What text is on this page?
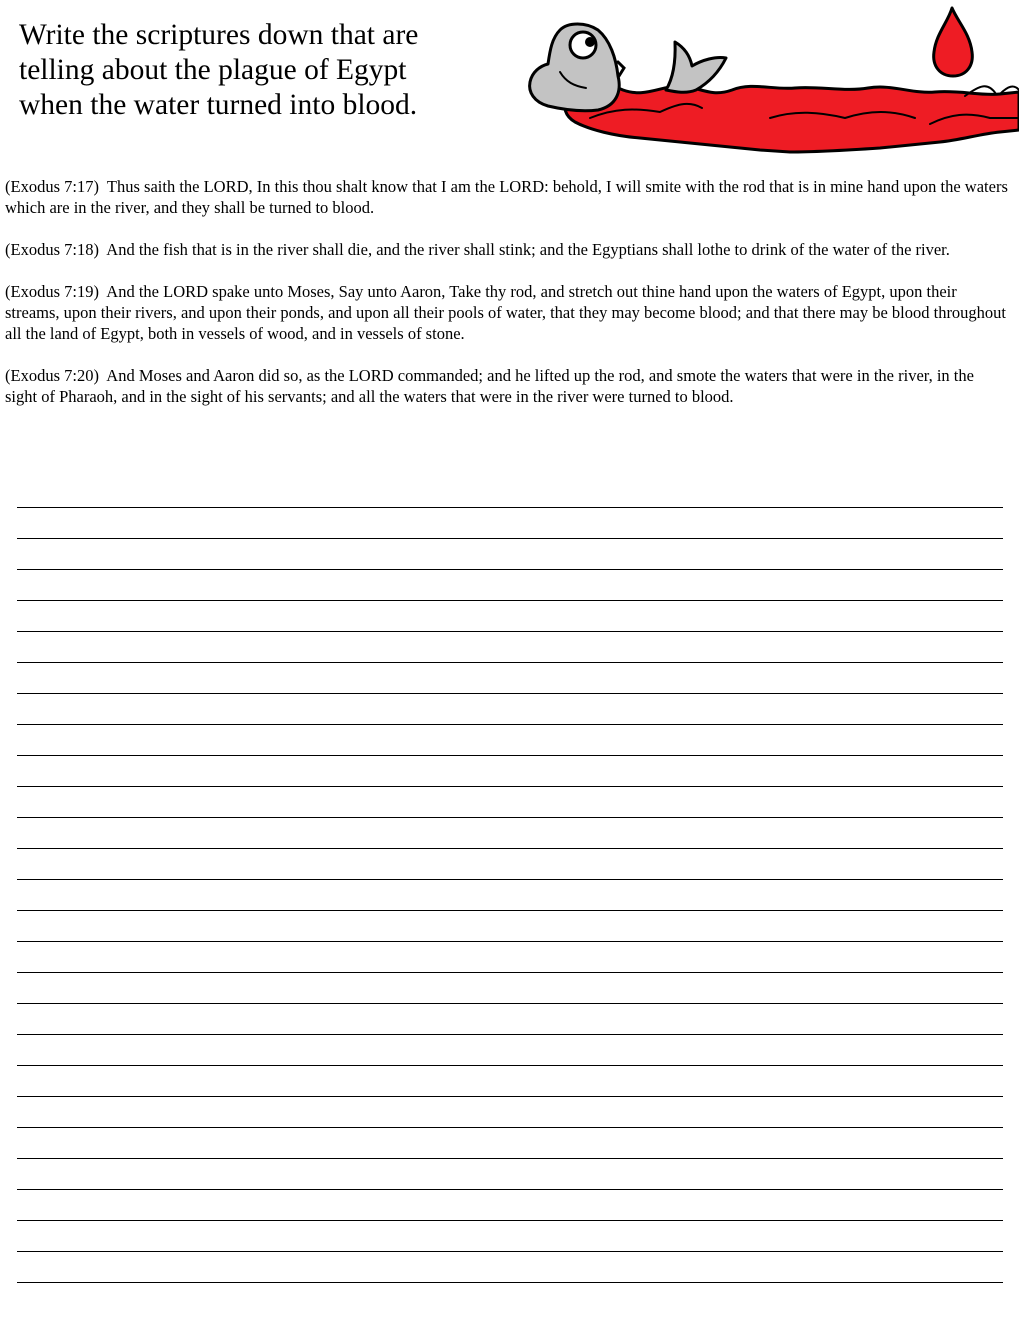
Write the scriptures down that are
telling about the plague of Egypt
when the water turned into blood.

(Exodus 7:17) Thus saith the LORD, In this thou shalt know that I am the LORD: behold, I will smite with the rod that is in mine hand upon the waters which are in the river, and they shall be turned to blood.

(Exodus 7:18) And the fish that is in the river shall die, and the river shall stink; and the Egyptians shall lothe to drink of the water of the river.

(Exodus 7:19) And the LORD spake unto Moses, Say unto Aaron, Take thy rod, and stretch out thine hand upon the waters of Egypt, upon their streams, upon their rivers, and upon their ponds, and upon all their pools of water, that they may become blood; and that there may be blood throughout all the land of Egypt, both in vessels of wood, and in vessels of stone.

(Exodus 7:20) And Moses and Aaron did so, as the LORD commanded; and he lifted up the rod, and smote the waters that were in the river, in the sight of Pharaoh, and in the sight of his servants; and all the waters that were in the river were turned to blood.
